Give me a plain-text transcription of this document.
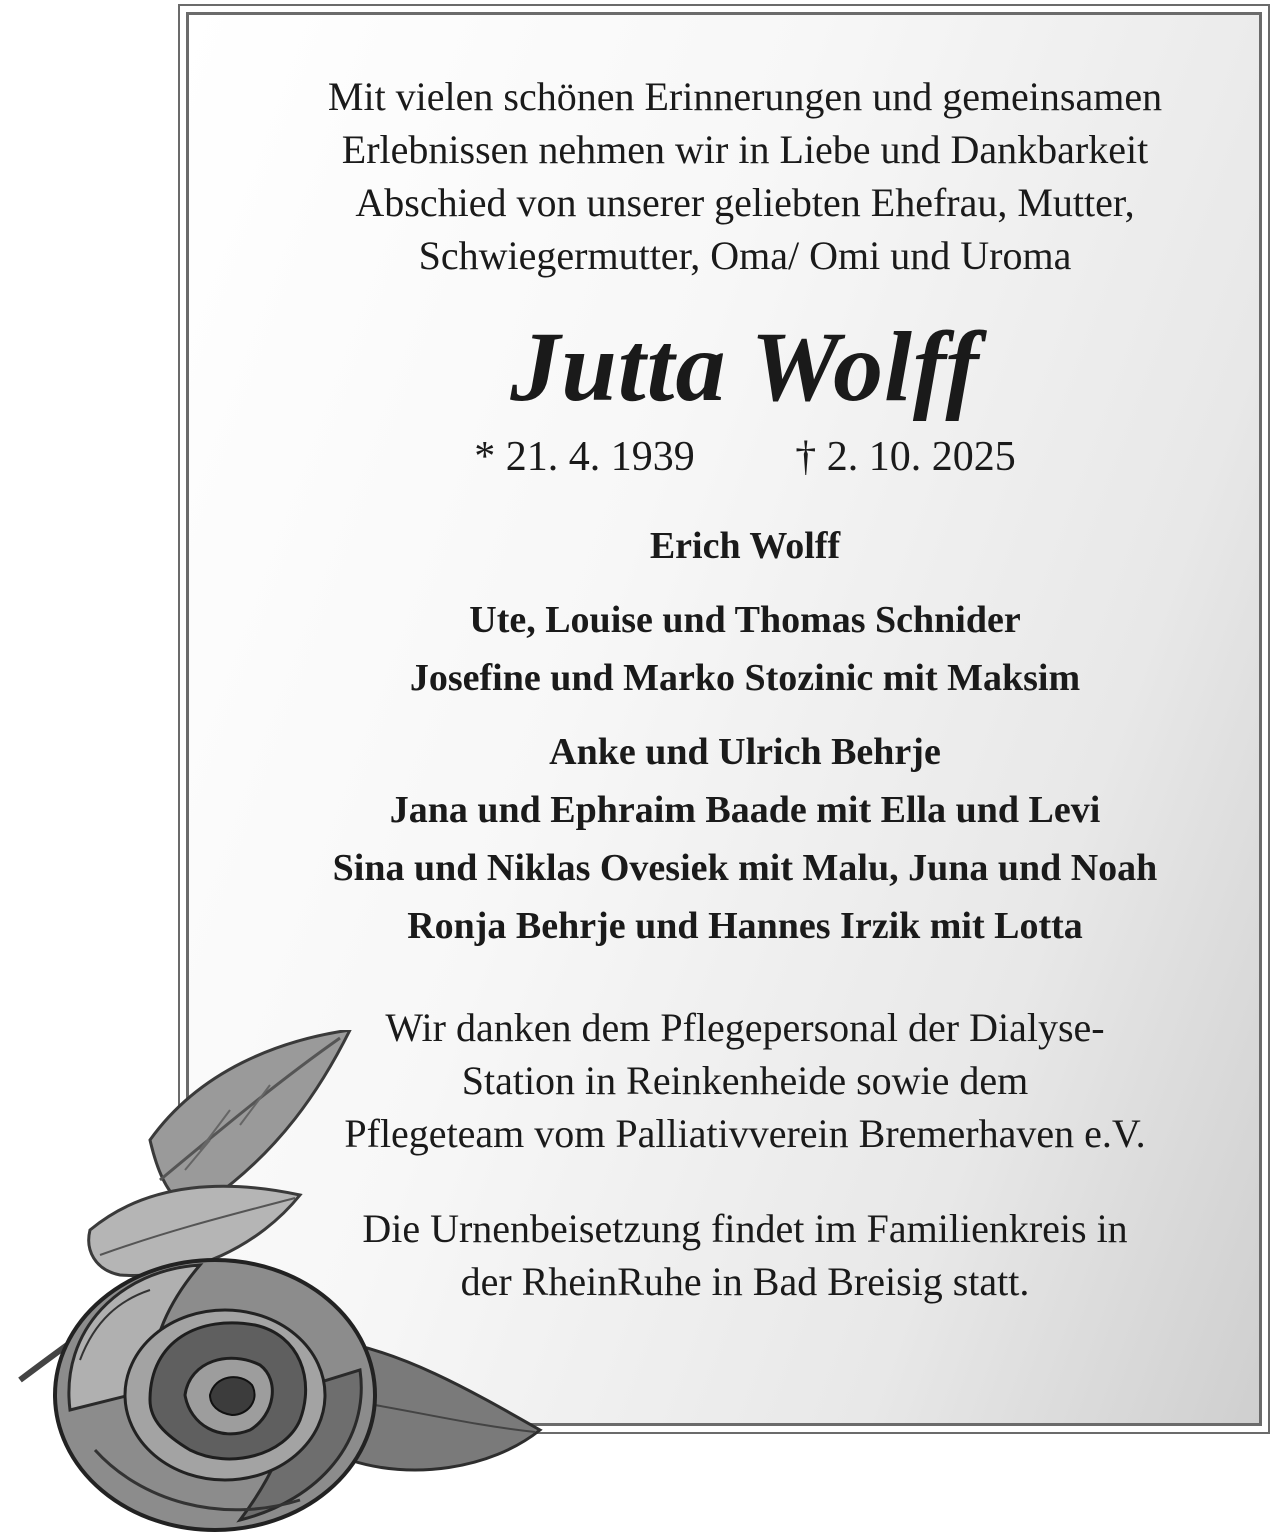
Mit vielen schönen Erinnerungen und gemeinsamen
Erlebnissen nehmen wir in Liebe und Dankbarkeit
Abschied von unserer geliebten Ehefrau, Mutter,
Schwiegermutter, Oma/ Omi und Uroma
Jutta Wolff
* 21. 4. 1939 † 2. 10. 2025
Erich Wolff
Ute, Louise und Thomas Schnider
Josefine und Marko Stozinic mit Maksim
Anke und Ulrich Behrje
Jana und Ephraim Baade mit Ella und Levi
Sina und Niklas Ovesiek mit Malu, Juna und Noah
Ronja Behrje und Hannes Irzik mit Lotta
Wir danken dem Pflegepersonal der Dialyse-
Station in Reinkenheide sowie dem
Pflegeteam vom Palliativverein Bremerhaven e.V.
Die Urnenbeisetzung findet im Familienkreis in
der RheinRuhe in Bad Breisig statt.
